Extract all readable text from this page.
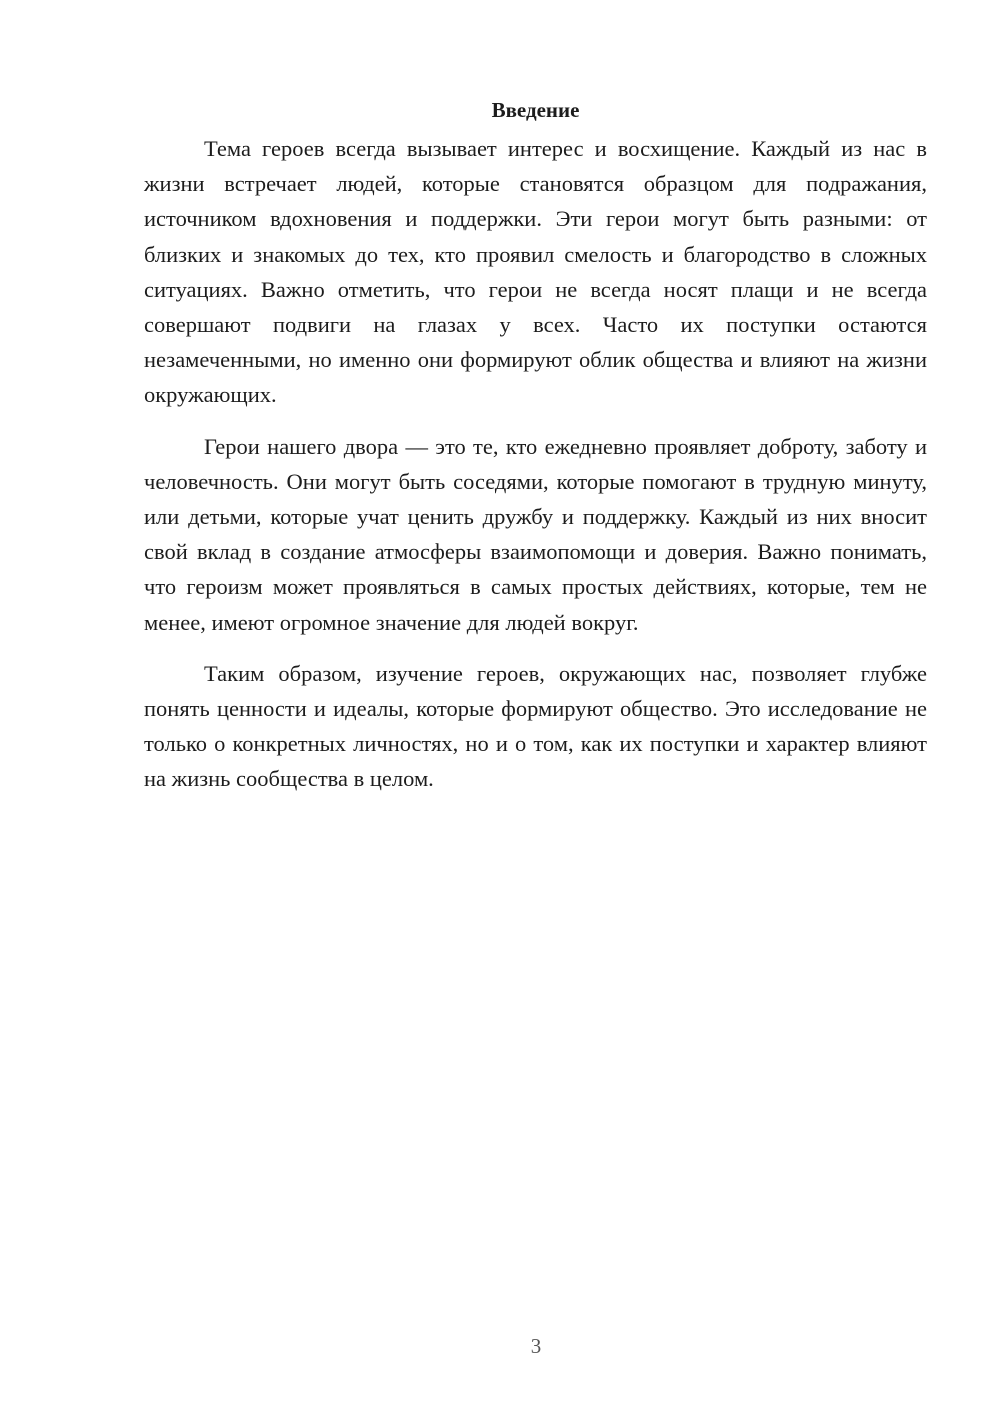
Введение

Тема героев всегда вызывает интерес и восхищение. Каждый из нас в жизни встречает людей, которые становятся образцом для подражания, источником вдохновения и поддержки. Эти герои могут быть разными: от близких и знакомых до тех, кто проявил смелость и благородство в сложных ситуациях. Важно отметить, что герои не всегда носят плащи и не всегда совершают подвиги на глазах у всех. Часто их поступки остаются незамеченными, но именно они формируют облик общества и влияют на жизни окружающих.

Герои нашего двора — это те, кто ежедневно проявляет доброту, заботу и человечность. Они могут быть соседями, которые помогают в трудную минуту, или детьми, которые учат ценить дружбу и поддержку. Каждый из них вносит свой вклад в создание атмосферы взаимопомощи и доверия. Важно понимать, что героизм может проявляться в самых простых действиях, которые, тем не менее, имеют огромное значение для людей вокруг.

Таким образом, изучение героев, окружающих нас, позволяет глубже понять ценности и идеалы, которые формируют общество. Это исследование не только о конкретных личностях, но и о том, как их поступки и характер влияют на жизнь сообщества в целом.

3
